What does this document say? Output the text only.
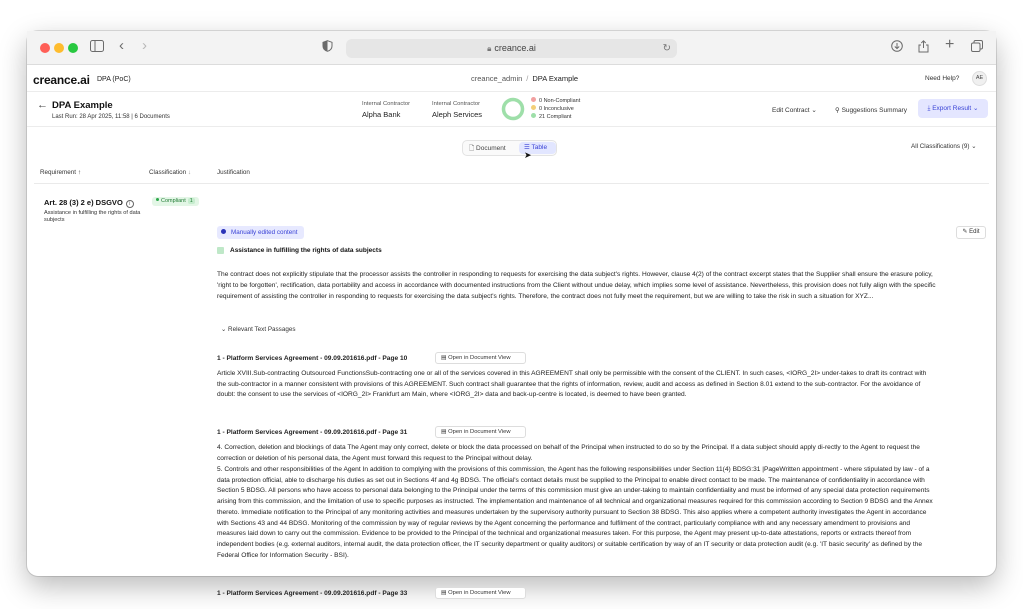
‹ ›	🔒︎ creance.ai	↻	+
creance.ai DPA (PoC)	creance_admin / DPA Example	Need Help?	AE
← DPA Example
Last Run: 28 Apr 2025, 11:58 | 6 Documents
Internal Contractor
Alpha Bank
Internal Contractor
Aleph Services
0 Non-Compliant
0 Inconclusive
21 Compliant
Edit Contract ⌄	⚲ Suggestions Summary	⤓ Export Result ⌄
🗋 Document	☰ Table
➤
All Classifications (9) ⌄
Requirement ↑	Classification ↓	Justification
Art. 28 (3) 2 e) DSGVO i
Assistance in fulfilling the rights of data subjects
Compliant 1
Manually edited content	✎ Edit
Assistance in fulfilling the rights of data subjects
The contract does not explicitly stipulate that the processor assists the controller in responding to requests for exercising the data subject's rights. However, clause 4(2) of the contract excerpt states that the Supplier shall ensure the erasure policy, 'right to be forgotten', rectification, data portability and access in accordance with documented instructions from the Client without undue delay, which implies some level of assistance. Nevertheless, this provision does not fully align with the specific requirement of assisting the controller in responding to requests for exercising the data subject's rights. Therefore, the contract does not fully meet the requirement, but we are willing to take the risk in such a situation for XYZ...
⌄ Relevant Text Passages
1 - Platform Services Agreement - 09.09.201616.pdf - Page 10	▤ Open in Document View
Article XVIII.Sub-contracting Outsourced FunctionsSub-contracting one or all of the services covered in this AGREEMENT shall only be permissible with the consent of the CLIENT. In such cases, <IORG_2I> under-takes to draft its contract with the sub-contractor in a manner consistent with provisions of this AGREEMENT. Such contract shall guarantee that the rights of information, review, audit and access as defined in Section 8.01 extend to the sub-contractor. For the avoidance of doubt: the consent to use the services of <IORG_2I> Frankfurt am Main, where <IORG_2I> data and back-up-centre is located, is deemed to have been granted.
1 - Platform Services Agreement - 09.09.201616.pdf - Page 31	▤ Open in Document View
4. Correction, deletion and blockings of data The Agent may only correct, delete or block the data processed on behalf of the Principal when instructed to do so by the Principal. If a data subject should apply di-rectly to the Agent to request the correction or deletion of his personal data, the Agent must forward this request to the Principal without delay.
5. Controls and other responsibilities of the Agent In addition to complying with the provisions of this commission, the Agent has the following responsibilities under Section 11(4) BDSG:31 |PageWritten appointment - where stipulated by law - of a data protection official, able to discharge his duties as set out in Sections 4f and 4g BDSG. The official's contact details must be supplied to the Principal to enable direct contact to be made. The maintenance of confidentiality in accordance with Section 5 BDSG. All persons who have access to personal data belonging to the Principal under the terms of this commission must give an under-taking to maintain confidentiality and must be informed of any special data protection requirements arising from this commission, and the limitation of use to specific purposes as instructed. The implementation and maintenance of all technical and organizational measures required for this commission according to Section 9 BDSG and the Annex thereto. Immediate notification to the Principal of any monitoring activities and measures undertaken by the supervisory authority pursuant to Section 38 BDSG. This also applies where a competent authority investigates the Agent in accordance with Sections 43 and 44 BDSG. Monitoring of the commission by way of regular reviews by the Agent concerning the performance and fulfilment of the contract, particularly compliance with and any necessary amendment to provisions and measures laid down to carry out the commission. Evidence to be provided to the Principal of the technical and organizational measures taken. For this purpose, the Agent may present up-to-date attestations, reports or extracts thereof from independent bodies (e.g. external auditors, internal audit, the data protection officer, the IT security department or quality auditors) or suitable certification by way of an IT security or data protection audit (e.g. 'IT basic security' as defined by the Federal Office for Information Security - BSI).
1 - Platform Services Agreement - 09.09.201616.pdf - Page 33	▤ Open in Document View
